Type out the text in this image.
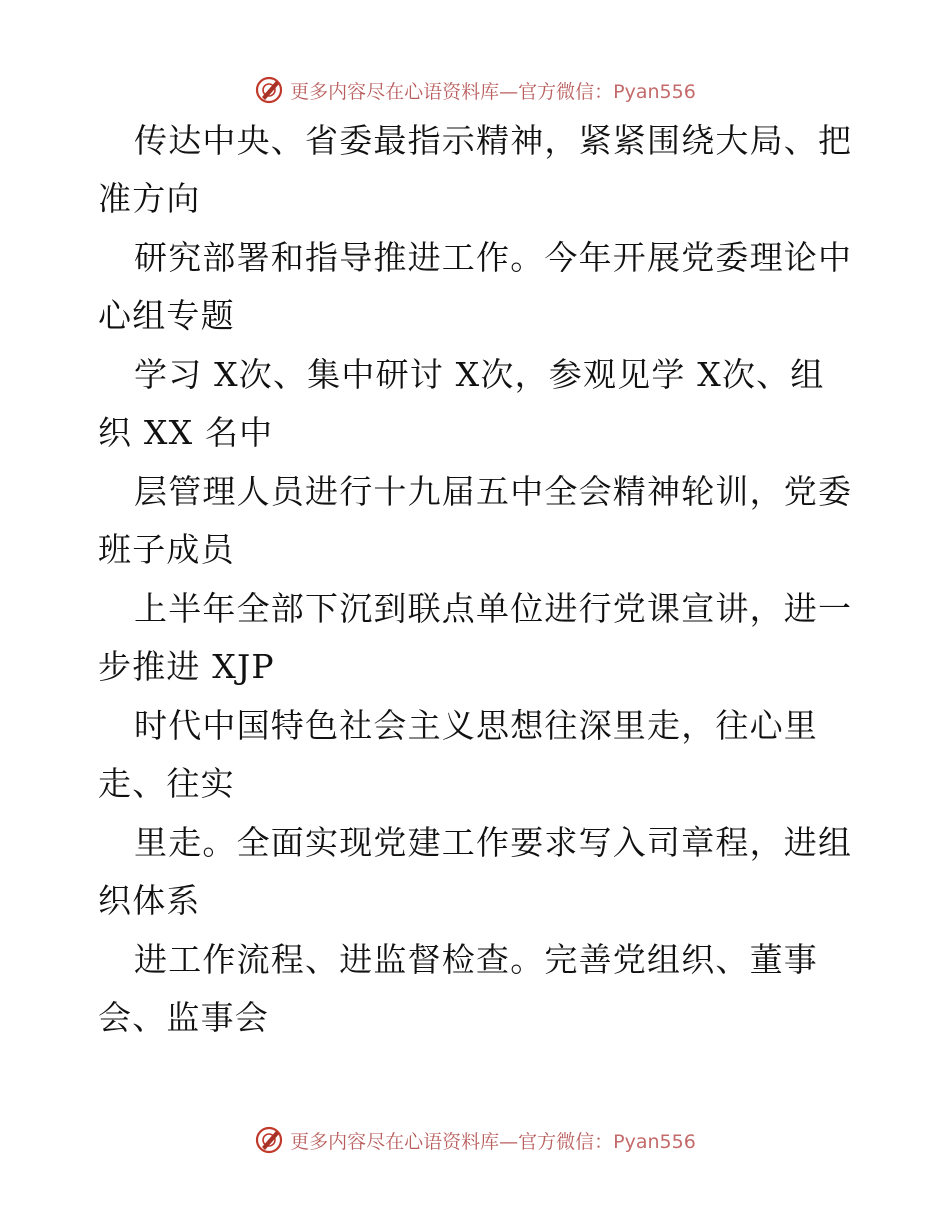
更多内容尽在心语资料库—官方微信：Pyan556
传达中央、省委最指示精神，紧紧围绕大局、把
准方向
研究部署和指导推进工作。今年开展党委理论中
心组专题
学习 X次、集中研讨 X次，参观见学 X次、组
织 XX 名中
层管理人员进行十九届五中全会精神轮训，党委
班子成员
上半年全部下沉到联点单位进行党课宣讲，进一
步推进 XJP
时代中国特色社会主义思想往深里走，往心里
走、往实
里走。全面实现党建工作要求写入司章程，进组
织体系
进工作流程、进监督检查。完善党组织、董事
会、监事会
更多内容尽在心语资料库—官方微信：Pyan556
